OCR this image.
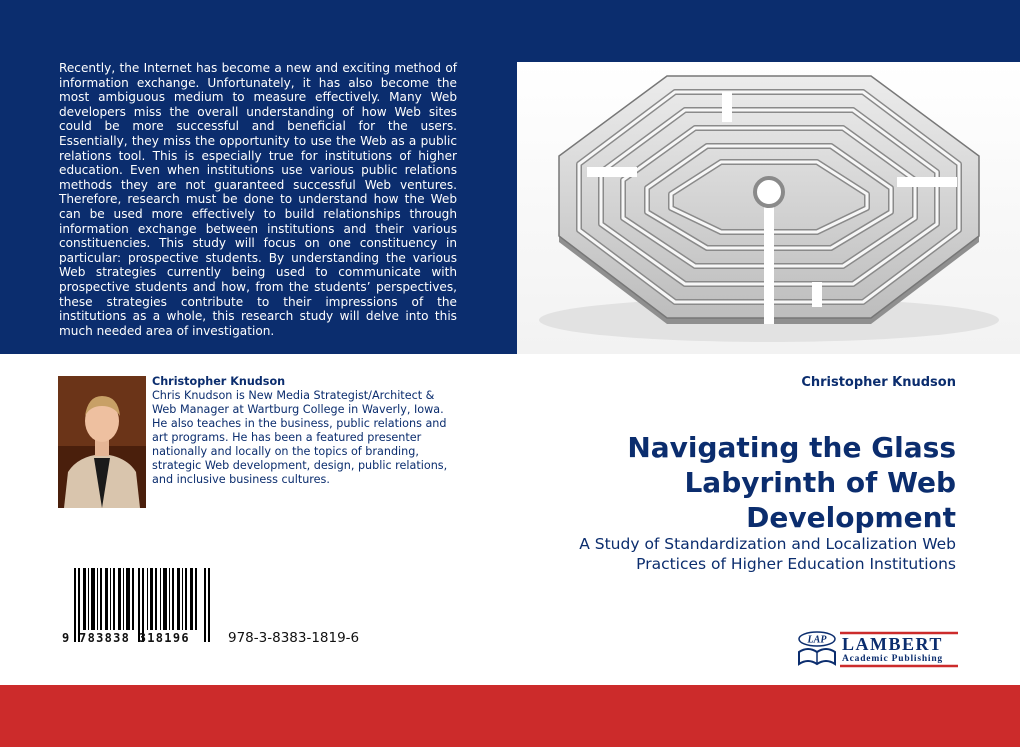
Recently, the Internet has become a new and exciting method of information exchange. Unfortunately, it has also become the most ambiguous medium to measure effectively. Many Web developers miss the overall understanding of how Web sites could be more successful and beneficial for the users. Essentially, they miss the opportunity to use the Web as a public relations tool. This is especially true for institutions of higher education. Even when institutions use various public relations methods they are not guaranteed successful Web ventures. Therefore, research must be done to understand how the Web can be used more effectively to build relationships through information exchange between institutions and their various constituencies. This study will focus on one constituency in particular: prospective students. By understanding the various Web strategies currently being used to communicate with prospective students and how, from the students’ perspectives, these strategies contribute to their impressions of the institutions as a whole, this research study will delve into this much needed area of investigation.

Christopher Knudson
Chris Knudson is New Media Strategist/Architect & Web Manager at Wartburg College in Waverly, Iowa. He also teaches in the business, public relations and art programs. He has been a featured presenter nationally and locally on the topics of branding, strategic Web development, design, public relations, and inclusive business cultures.
Christopher Knudson
Navigating the Glass Labyrinth of Web Development

A Study of Standardization and Localization Web Practices of Higher Education Institutions

9 783838 318196	978-3-8383-1819-6	LAP LAMBERT
Academic Publishing
